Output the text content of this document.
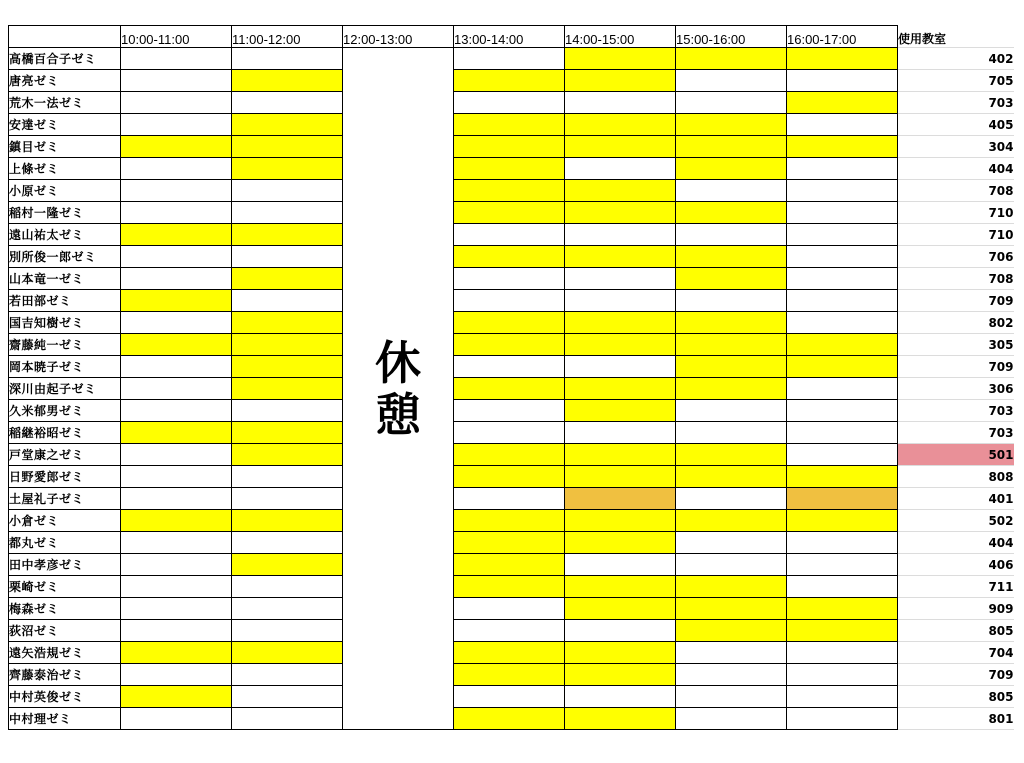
	10:00-11:00	11:00-12:00	12:00-13:00	13:00-14:00	14:00-15:00	15:00-16:00	16:00-17:00	使用教室
高橋百合子ゼミ			休憩					402
唐亮ゼミ								705
荒木一法ゼミ								703
安達ゼミ								405
鎮目ゼミ								304
上條ゼミ								404
小原ゼミ								708
稲村一隆ゼミ								710
遠山祐太ゼミ								710
別所俊一郎ゼミ								706
山本竜一ゼミ								708
若田部ゼミ								709
国吉知樹ゼミ								802
齋藤純一ゼミ								305
岡本暁子ゼミ								709
深川由起子ゼミ								306
久米郁男ゼミ								703
稲継裕昭ゼミ								703
戸堂康之ゼミ								501
日野愛郎ゼミ								808
土屋礼子ゼミ								401
小倉ゼミ								502
都丸ゼミ								404
田中孝彦ゼミ								406
栗崎ゼミ								711
梅森ゼミ								909
荻沼ゼミ								805
遠矢浩規ゼミ								704
齊藤泰治ゼミ								709
中村英俊ゼミ								805
中村理ゼミ								801
